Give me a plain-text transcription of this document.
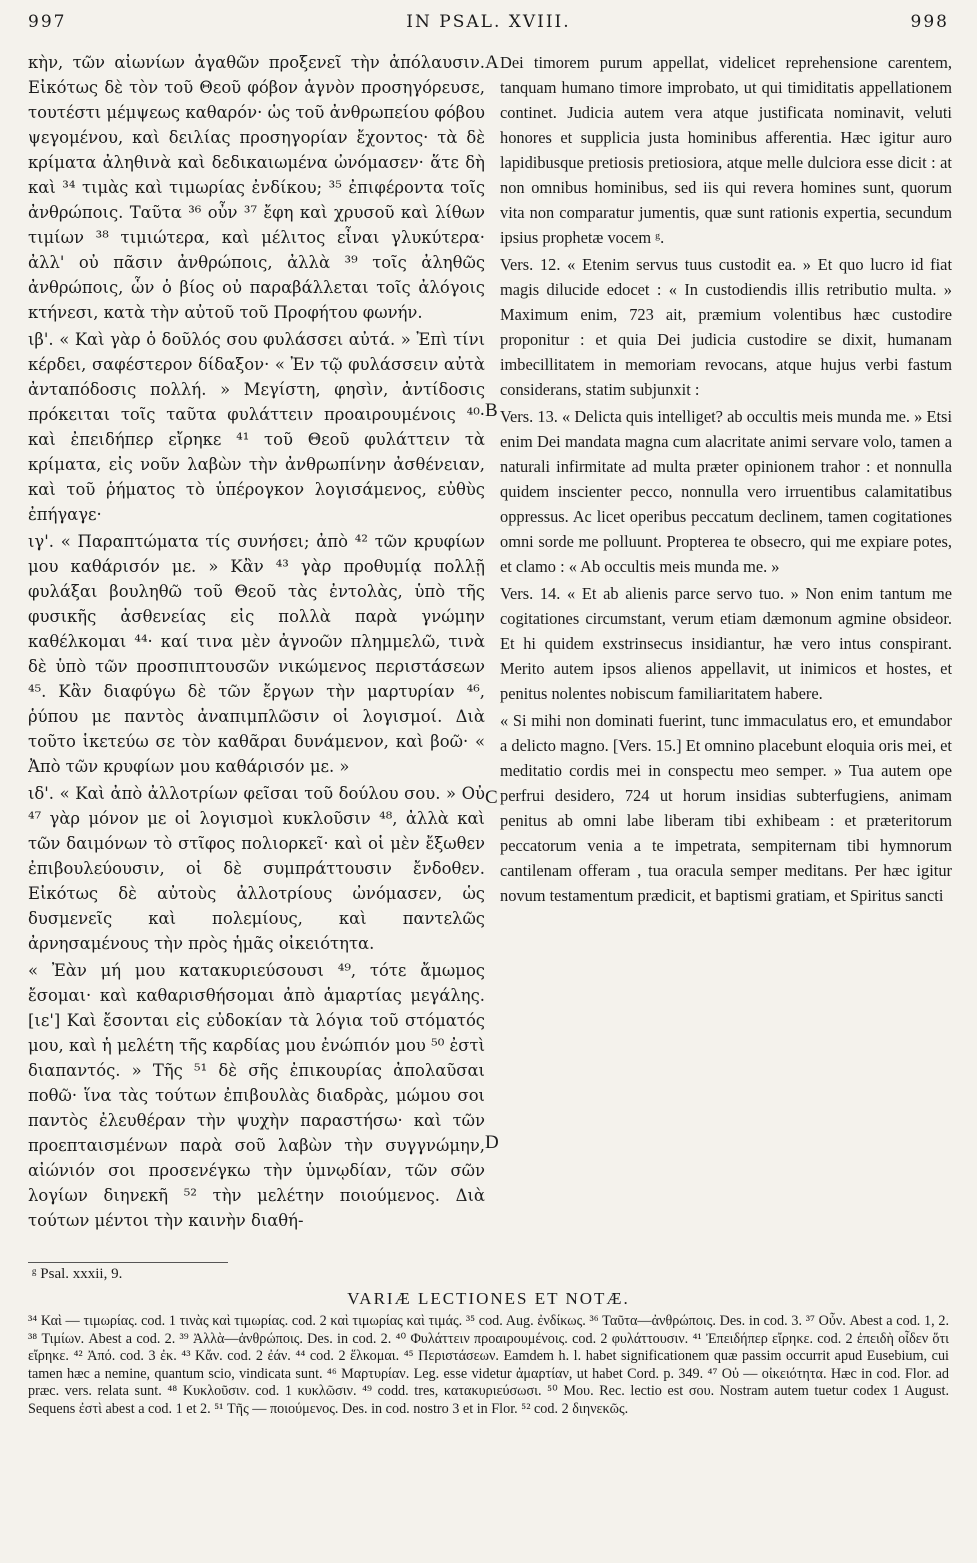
997	IN PSAL. XVIII.	998

κὴν, τῶν αἰωνίων ἀγαθῶν προξενεῖ τὴν ἀπόλαυσιν. Εἰκότως δὲ τὸν τοῦ Θεοῦ φόβον ἁγνὸν προσηγόρευσε, τουτέστι μέμψεως καθαρόν· ὡς τοῦ ἀνθρωπείου φόβου ψεγομένου, καὶ δειλίας προσηγορίαν ἔχοντος· τὰ δὲ κρίματα ἀληθινὰ καὶ δεδικαιωμένα ὠνόμασεν· ἅτε δὴ καὶ ³⁴ τιμὰς καὶ τιμωρίας ἐνδίκου; ³⁵ ἐπιφέροντα τοῖς ἀνθρώποις. Ταῦτα ³⁶ οὖν ³⁷ ἔφη καὶ χρυσοῦ καὶ λίθων τιμίων ³⁸ τιμιώτερα, καὶ μέλιτος εἶναι γλυκύτερα· ἀλλ' οὐ πᾶσιν ἀνθρώποις, ἀλλὰ ³⁹ τοῖς ἀληθῶς ἀνθρώποις, ὧν ὁ βίος οὐ παραβάλλεται τοῖς ἀλόγοις κτήνεσι, κατὰ τὴν αὐτοῦ τοῦ Προφήτου φωνήν.

ιβ'. « Καὶ γὰρ ὁ δοῦλός σου φυλάσσει αὐτά. » Ἐπὶ τίνι κέρδει, σαφέστερον δίδαξον· « Ἐν τῷ φυλάσσειν αὐτὰ ἀνταπόδοσις πολλή. » Μεγίστη, φησὶν, ἀντίδοσις πρόκειται τοῖς ταῦτα φυλάττειν προαιρουμένοις ⁴⁰· καὶ ἐπειδήπερ εἴρηκε ⁴¹ τοῦ Θεοῦ φυλάττειν τὰ κρίματα, εἰς νοῦν λαβὼν τὴν ἀνθρωπίνην ἀσθένειαν, καὶ τοῦ ῥήματος τὸ ὑπέρογκον λογισάμενος, εὐθὺς ἐπήγαγε·

ιγ'. « Παραπτώματα τίς συνήσει; ἀπὸ ⁴² τῶν κρυφίων μου καθάρισόν με. » Κἂν ⁴³ γὰρ προθυμίᾳ πολλῇ φυλάξαι βουληθῶ τοῦ Θεοῦ τὰς ἐντολὰς, ὑπὸ τῆς φυσικῆς ἀσθενείας εἰς πολλὰ παρὰ γνώμην καθέλκομαι ⁴⁴· καί τινα μὲν ἀγνοῶν πλημμελῶ, τινὰ δὲ ὑπὸ τῶν προσπιπτουσῶν νικώμενος περιστάσεων ⁴⁵. Κἂν διαφύγω δὲ τῶν ἔργων τὴν μαρτυρίαν ⁴⁶, ῥύπου με παντὸς ἀναπιμπλῶσιν οἱ λογισμοί. Διὰ τοῦτο ἱκετεύω σε τὸν καθᾶραι δυνάμενον, καὶ βοῶ· « Ἀπὸ τῶν κρυφίων μου καθάρισόν με. »

ιδ'. « Καὶ ἀπὸ ἀλλοτρίων φεῖσαι τοῦ δούλου σου. » Οὐ ⁴⁷ γὰρ μόνον με οἱ λογισμοὶ κυκλοῦσιν ⁴⁸, ἀλλὰ καὶ τῶν δαιμόνων τὸ στῖφος πολιορκεῖ· καὶ οἱ μὲν ἔξωθεν ἐπιβουλεύουσιν, οἱ δὲ συμπράττουσιν ἔνδοθεν. Εἰκότως δὲ αὐτοὺς ἀλλοτρίους ὠνόμασεν, ὡς δυσμενεῖς καὶ πολεμίους, καὶ παντελῶς ἀρνησαμένους τὴν πρὸς ἡμᾶς οἰκειότητα.

« Ἐὰν μή μου κατακυριεύσουσι ⁴⁹, τότε ἄμωμος ἔσομαι· καὶ καθαρισθήσομαι ἀπὸ ἁμαρτίας μεγάλης. [ιε'] Καὶ ἔσονται εἰς εὐδοκίαν τὰ λόγια τοῦ στόματός μου, καὶ ἡ μελέτη τῆς καρδίας μου ἐνώπιόν μου ⁵⁰ ἐστὶ διαπαντός. » Τῆς ⁵¹ δὲ σῆς ἐπικουρίας ἀπολαῦσαι ποθῶ· ἵνα τὰς τούτων ἐπιβουλὰς διαδρὰς, μώμου σοι παντὸς ἐλευθέραν τὴν ψυχὴν παραστήσω· καὶ τῶν προεπταισμένων παρὰ σοῦ λαβὼν τὴν συγγνώμην, αἰώνιόν σοι προσενέγκω τὴν ὑμνῳδίαν, τῶν σῶν λογίων διηνεκῆ ⁵² τὴν μελέτην ποιούμενος. Διὰ τούτων μέντοι τὴν καινὴν διαθή-

ᵍ Psal. xxxii, 9.
A
B
C
D

Dei timorem purum appellat, videlicet reprehensione carentem, tanquam humano timore improbato, ut qui timiditatis appellationem continet. Judicia autem vera atque justificata nominavit, veluti honores et supplicia justa hominibus afferentia. Hæc igitur auro lapidibusque pretiosis pretiosiora, atque melle dulciora esse dicit : at non omnibus hominibus, sed iis qui revera homines sunt, quorum vita non comparatur jumentis, quæ sunt rationis expertia, secundum ipsius prophetæ vocem ᵍ.

Vers. 12. « Etenim servus tuus custodit ea. » Et quo lucro id fiat magis dilucide edocet : « In custodiendis illis retributio multa. » Maximum enim, 723 ait, præmium volentibus hæc custodire proponitur : et quia Dei judicia custodire se dixit, humanam imbecillitatem in memoriam revocans, atque hujus verbi fastum considerans, statim subjunxit :

Vers. 13. « Delicta quis intelliget? ab occultis meis munda me. » Etsi enim Dei mandata magna cum alacritate animi servare volo, tamen a naturali infirmitate ad multa præter opinionem trahor : et nonnulla quidem inscienter pecco, nonnulla vero irruentibus calamitatibus oppressus. Ac licet operibus peccatum declinem, tamen cogitationes omni sorde me polluunt. Propterea te obsecro, qui me expiare potes, et clamo : « Ab occultis meis munda me. »

Vers. 14. « Et ab alienis parce servo tuo. » Non enim tantum me cogitationes circumstant, verum etiam dæmonum agmine obsideor. Et hi quidem exstrinsecus insidiantur, hæ vero intus conspirant. Merito autem ipsos alienos appellavit, ut inimicos et hostes, et penitus nolentes nobiscum familiaritatem habere.

« Si mihi non dominati fuerint, tunc immaculatus ero, et emundabor a delicto magno. [Vers. 15.] Et omnino placebunt eloquia oris mei, et meditatio cordis mei in conspectu meo semper. » Tua autem ope perfrui desidero, 724 ut horum insidias subterfugiens, animam penitus ab omni labe liberam tibi exhibeam : et præteritorum peccatorum venia a te impetrata, sempiternam tibi hymnorum cantilenam offeram , tua oracula semper meditans. Per hæc igitur novum testamentum prædicit, et baptismi gratiam, et Spiritus sancti

VARIÆ LECTIONES ET NOTÆ.

³⁴ Καὶ — τιμωρίας. cod. 1 τινὰς καὶ τιμωρίας. cod. 2 καὶ τιμωρίας καὶ τιμάς. ³⁵ cod. Aug. ἐνδίκως. ³⁶ Ταῦτα—ἀνθρώποις. Des. in cod. 3. ³⁷ Οὖν. Abest a cod. 1, 2. ³⁸ Τιμίων. Abest a cod. 2. ³⁹ Ἀλλὰ—ἀνθρώποις. Des. in cod. 2. ⁴⁰ Φυλάττειν προαιρουμένοις. cod. 2 φυλάττουσιν. ⁴¹ Ἐπειδήπερ εἴρηκε. cod. 2 ἐπειδὴ οἶδεν ὅτι εἴρηκε. ⁴² Ἀπό. cod. 3 ἐκ. ⁴³ Κἄν. cod. 2 ἐάν. ⁴⁴ cod. 2 ἕλκομαι. ⁴⁵ Περιστάσεων. Eamdem h. l. habet significationem quæ passim occurrit apud Eusebium, cui tamen hæc a nemine, quantum scio, vindicata sunt. ⁴⁶ Μαρτυρίαν. Leg. esse videtur ἁμαρτίαν, ut habet Cord. p. 349. ⁴⁷ Οὐ — οἰκειότητα. Hæc in cod. Flor. ad præc. vers. relata sunt. ⁴⁸ Κυκλοῦσιν. cod. 1 κυκλῶσιν. ⁴⁹ codd. tres, κατακυριεύσωσι. ⁵⁰ Μου. Rec. lectio est σου. Nostram autem tuetur codex 1 August. Sequens ἐστὶ abest a cod. 1 et 2. ⁵¹ Τῆς — ποιούμενος. Des. in cod. nostro 3 et in Flor. ⁵² cod. 2 διηνεκῶς.
